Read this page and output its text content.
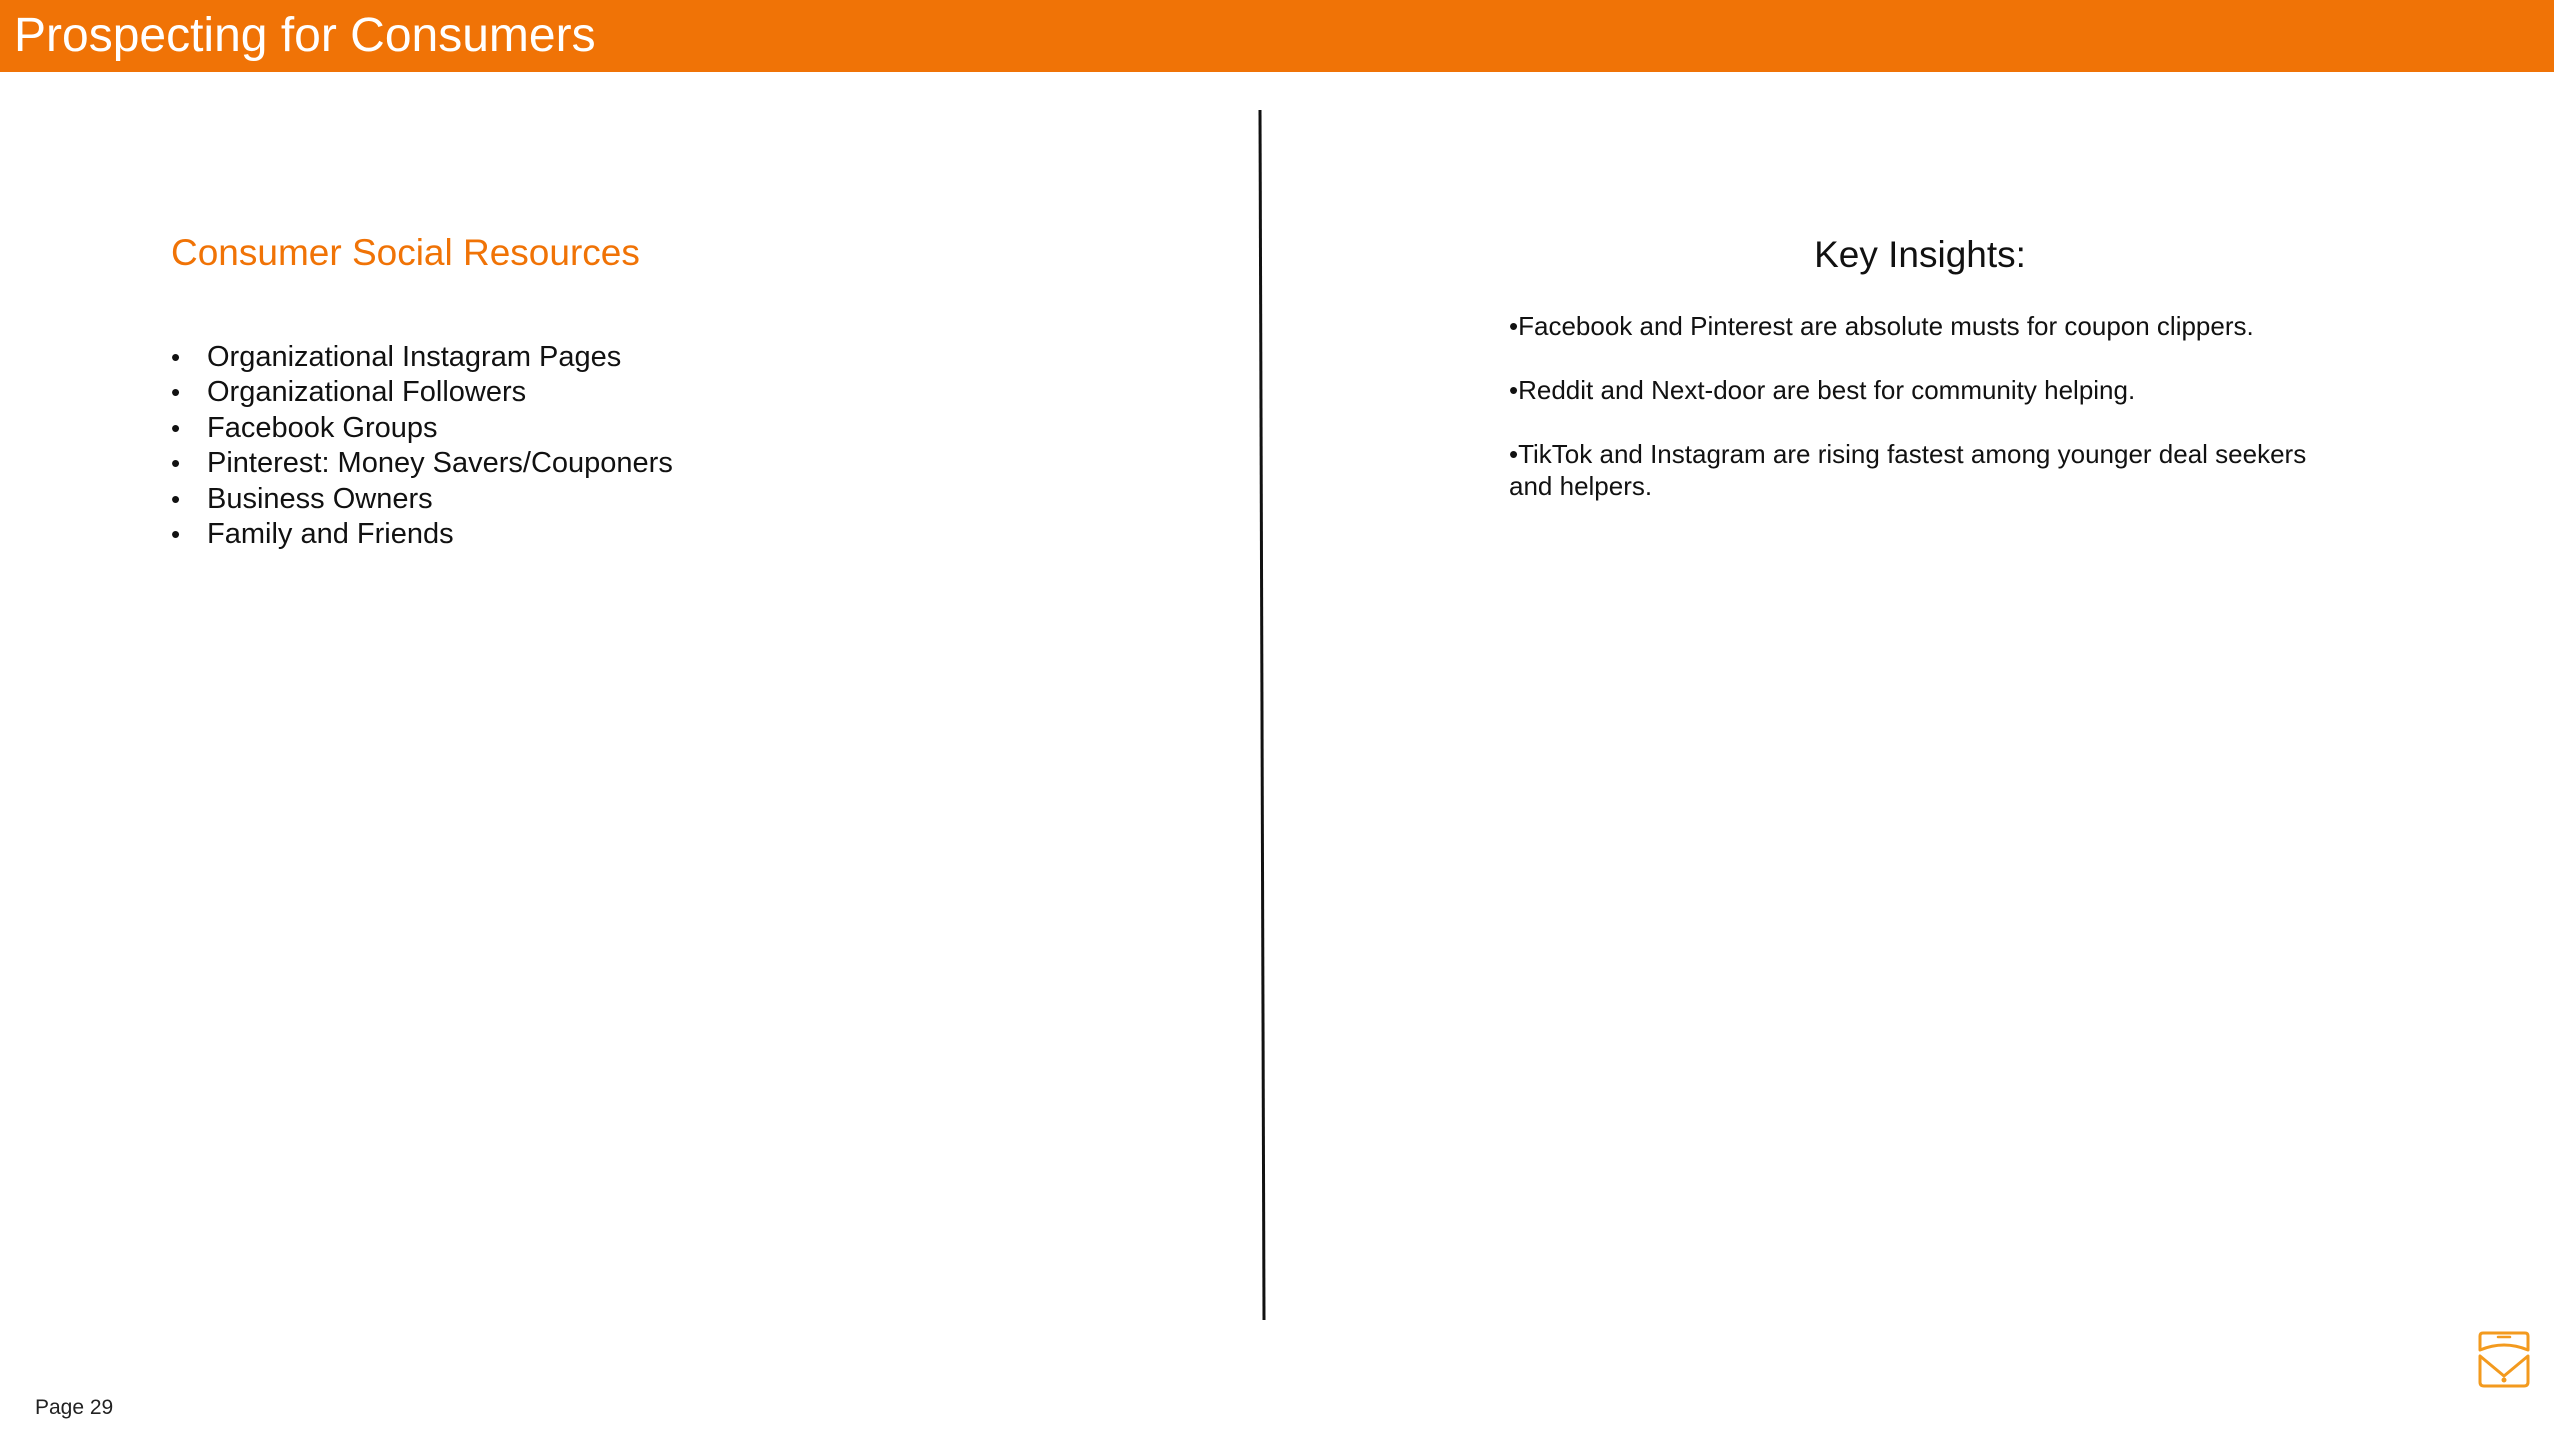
Prospecting for Consumers
Consumer Social Resources
• Organizational Instagram Pages
• Organizational Followers
• Facebook Groups
• Pinterest: Money Savers/Couponers
• Business Owners
• Family and Friends
Key Insights:

•Facebook and Pinterest are absolute musts for coupon clippers.

•Reddit and Next-door are best for community helping.

•TikTok and Instagram are rising fastest among younger deal seekers and helpers.

Page 29
